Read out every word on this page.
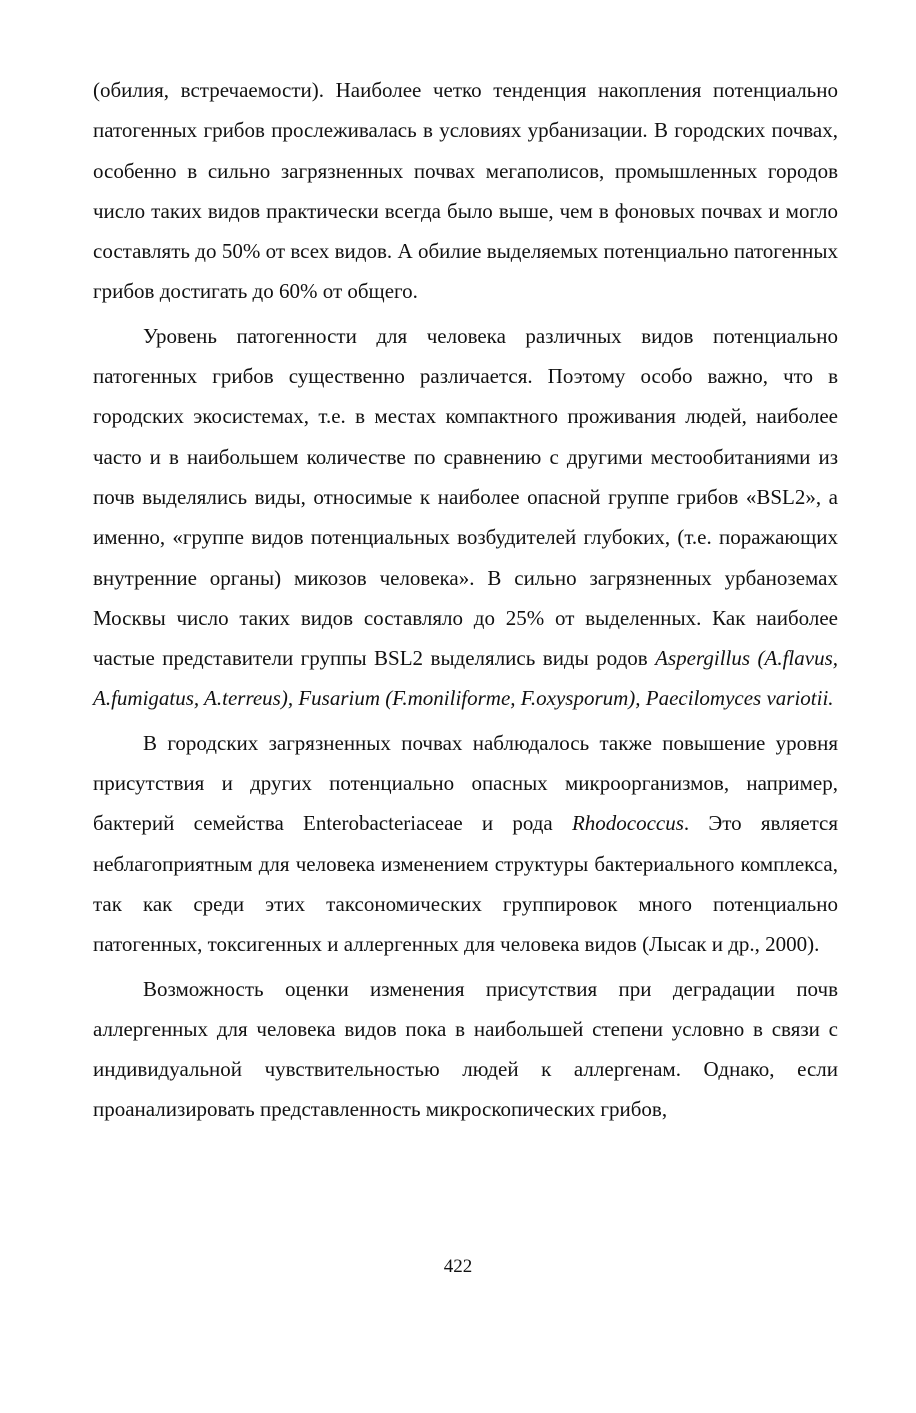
(обилия, встречаемости). Наиболее четко тенденция накопления потенциально патогенных грибов прослеживалась в условиях урбанизации. В городских почвах, особенно в сильно загрязненных почвах мегаполисов, промышленных городов число таких видов практически всегда было выше, чем в фоновых почвах и могло составлять до 50% от всех видов. А обилие выделяемых потенциально патогенных грибов достигать до 60% от общего.

Уровень патогенности для человека различных видов потенциально патогенных грибов существенно различается. Поэтому особо важно, что в городских экосистемах, т.е. в местах компактного проживания людей, наиболее часто и в наибольшем количестве по сравнению с другими местообитаниями из почв выделялись виды, относимые к наиболее опасной группе грибов «BSL2», а именно, «группе видов потенциальных возбудителей глубоких, (т.е. поражающих внутренние органы) микозов человека». В сильно загрязненных урбаноземах Москвы число таких видов составляло до 25% от выделенных. Как наиболее частые представители группы BSL2 выделялись виды родов Aspergillus (A.flavus, A.fumigatus, A.terreus), Fusarium (F.moniliforme, F.oxysporum), Paecilomyces variotii.

В городских загрязненных почвах наблюдалось также повышение уровня присутствия и других потенциально опасных микроорганизмов, например, бактерий семейства Enterobacteriaceae и рода Rhodococcus. Это является неблагоприятным для человека изменением структуры бактериального комплекса, так как среди этих таксономических группировок много потенциально патогенных, токсигенных и аллергенных для человека видов (Лысак и др., 2000).

Возможность оценки изменения присутствия при деградации почв аллергенных для человека видов пока в наибольшей степени условно в связи с индивидуальной чувствительностью людей к аллергенам. Однако, если проанализировать представленность микроскопических грибов,

422
